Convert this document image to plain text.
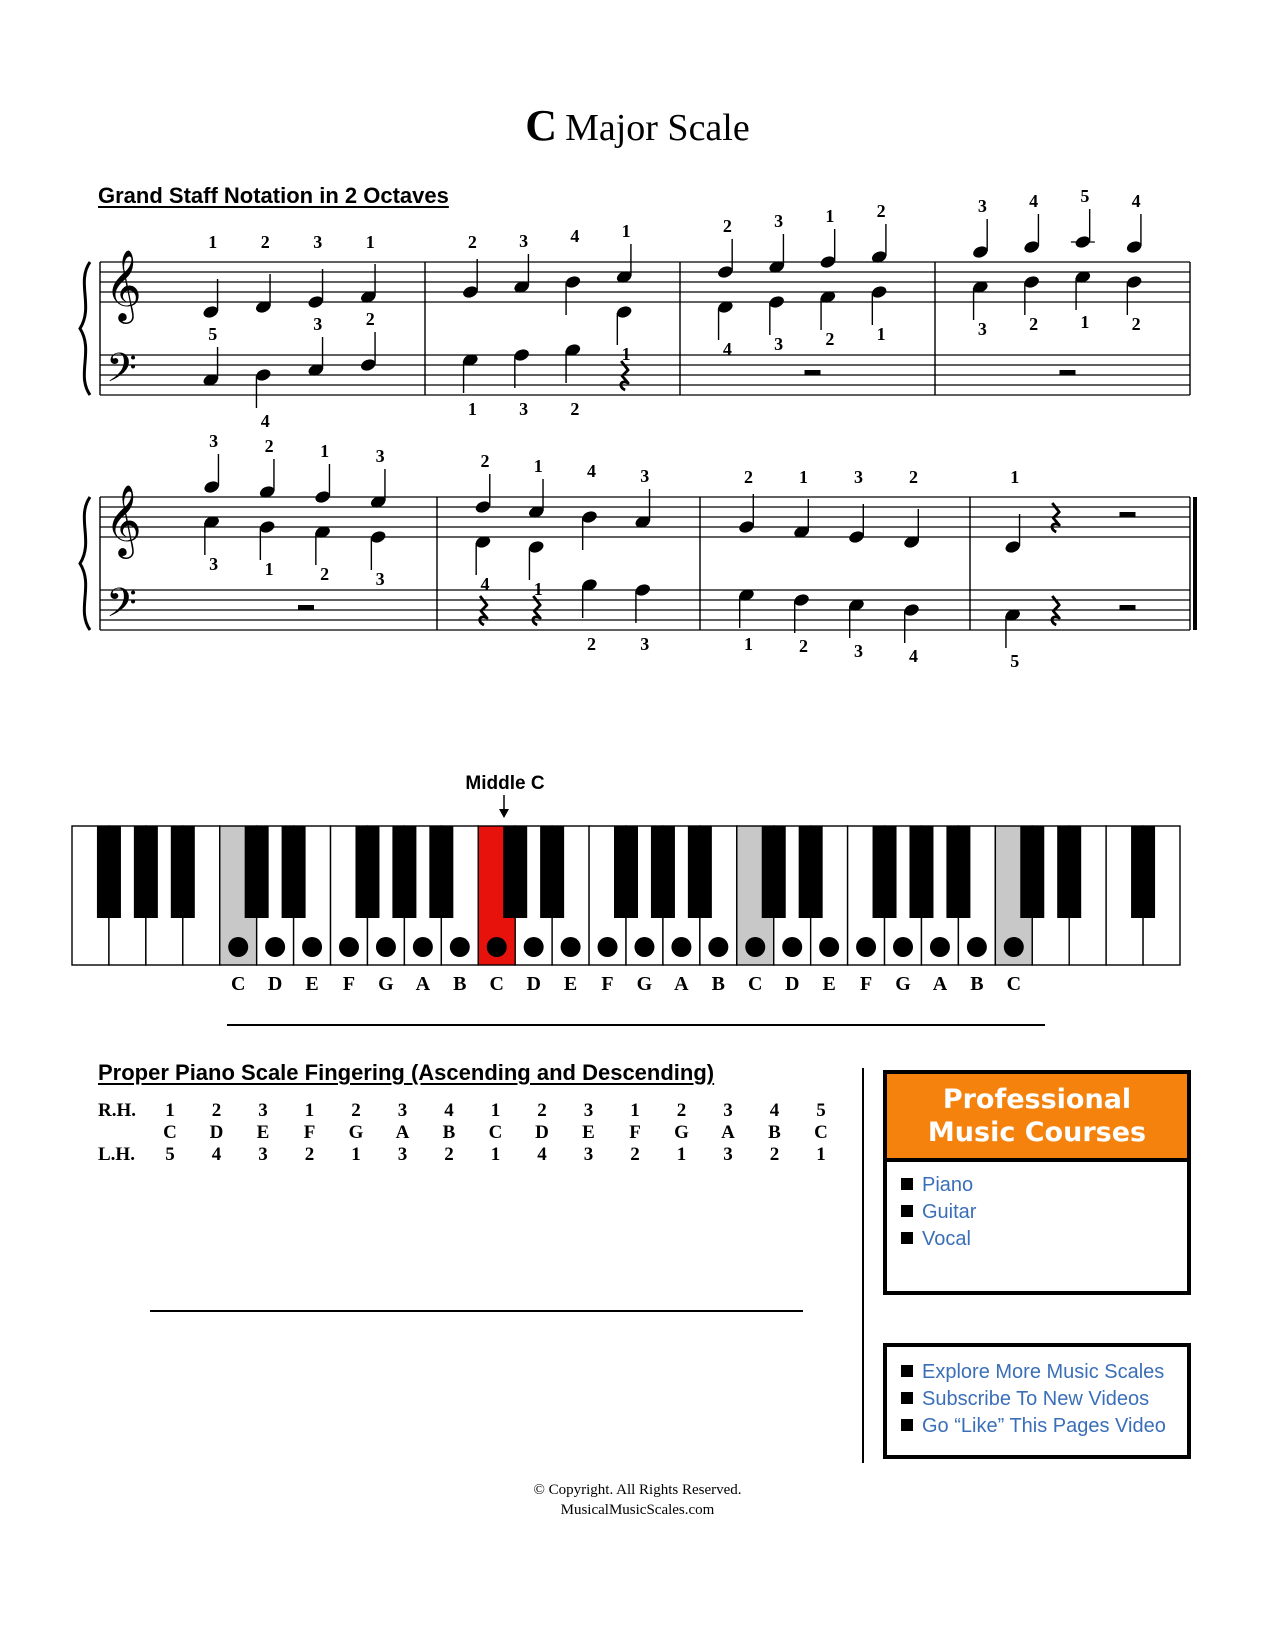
C Major Scale
Grand Staff Notation in 2 Octaves
𝄞
𝄢
1 2 3 1
5
4
3 2
2 3 4 1
1
1 3 2
2
4
3
3
1
2
2
1
3
3
4
2
5
1
4
2
𝄞
𝄢
3
3
2
1
1
2
3
3
2
4
1
1
4 3
2 3
2	1	3	2
1	2	3	4
1
5
Middle C
C D E F G A B C D E F G A B C D E F G A B C
Proper Piano Scale Fingering (Ascending and Descending)
R.H.	1	2	3	1	2	3	4	1	2	3	1	2	3	4	5
C	D	E	F	G	A	B	C	D	E	F	G	A	B	C
L.H.	5	4	3	2	1	3	2	1	4	3	2	1	3	2	1
Professional
Music Courses
Piano
Guitar
Vocal
Explore More Music Scales
Subscribe To New Videos
Go “Like” This Pages Video
© Copyright. All Rights Reserved.
MusicalMusicScales.com
